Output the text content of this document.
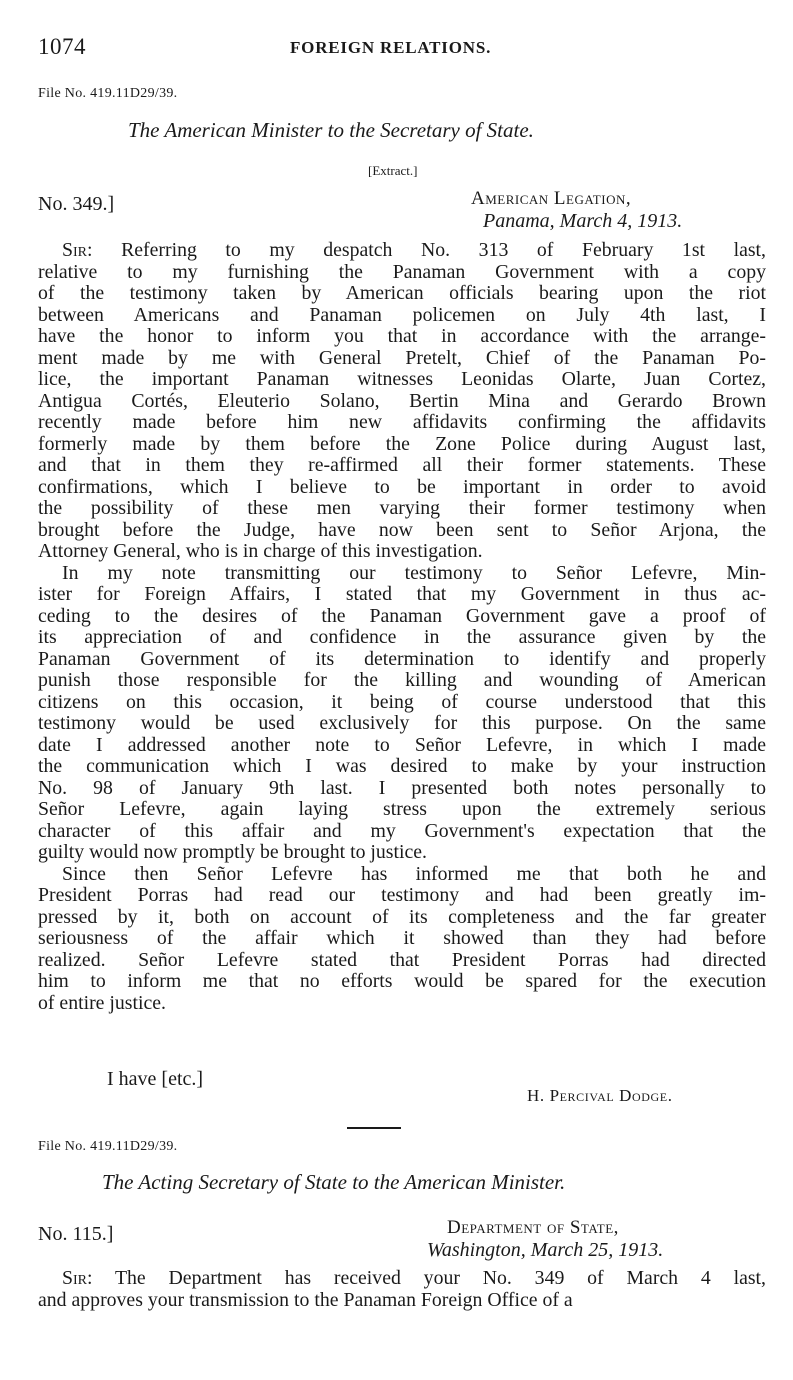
1074	FOREIGN RELATIONS.
File No. 419.11D29/39.
The American Minister to the Secretary of State.
[Extract.]
No. 349.]	American Legation,
Panama, March 4, 1913.

Sir: Referring to my despatch No. 313 of February 1st last,
relative to my furnishing the Panaman Government with a copy
of the testimony taken by American officials bearing upon the riot
between Americans and Panaman policemen on July 4th last, I
have the honor to inform you that in accordance with the arrange-
ment made by me with General Pretelt, Chief of the Panaman Po-
lice, the important Panaman witnesses Leonidas Olarte, Juan Cortez,
Antigua Cortés, Eleuterio Solano, Bertin Mina and Gerardo Brown
recently made before him new affidavits confirming the affidavits
formerly made by them before the Zone Police during August last,
and that in them they re-affirmed all their former statements. These
confirmations, which I believe to be important in order to avoid
the possibility of these men varying their former testimony when
brought before the Judge, have now been sent to Señor Arjona, the
Attorney General, who is in charge of this investigation.

In my note transmitting our testimony to Señor Lefevre, Min-
ister for Foreign Affairs, I stated that my Government in thus ac-
ceding to the desires of the Panaman Government gave a proof of
its appreciation of and confidence in the assurance given by the
Panaman Government of its determination to identify and properly
punish those responsible for the killing and wounding of American
citizens on this occasion, it being of course understood that this
testimony would be used exclusively for this purpose. On the same
date I addressed another note to Señor Lefevre, in which I made
the communication which I was desired to make by your instruction
No. 98 of January 9th last. I presented both notes personally to
Señor Lefevre, again laying stress upon the extremely serious
character of this affair and my Government's expectation that the
guilty would now promptly be brought to justice.

Since then Señor Lefevre has informed me that both he and
President Porras had read our testimony and had been greatly im-
pressed by it, both on account of its completeness and the far greater
seriousness of the affair which it showed than they had before
realized. Señor Lefevre stated that President Porras had directed
him to inform me that no efforts would be spared for the execution
of entire justice.

I have [etc.]
H. Percival Dodge.
File No. 419.11D29/39.
The Acting Secretary of State to the American Minister.
No. 115.]	Department of State,
Washington, March 25, 1913.

Sir: The Department has received your No. 349 of March 4 last,
and approves your transmission to the Panaman Foreign Office of a
